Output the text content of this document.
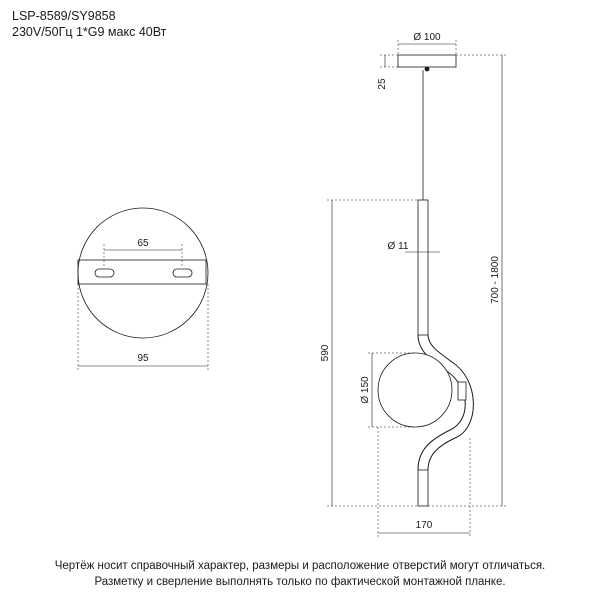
LSP-8589/SY9858
230V/50Гц 1*G9 макс 40Вт
65
95
Ø 100
25
700 - 1800
590
Ø 11
Ø 150
170
Чертёж носит справочный характер, размеры и расположение отверстий могут отличаться.
Разметку и сверление выполнять только по фактической монтажной планке.
